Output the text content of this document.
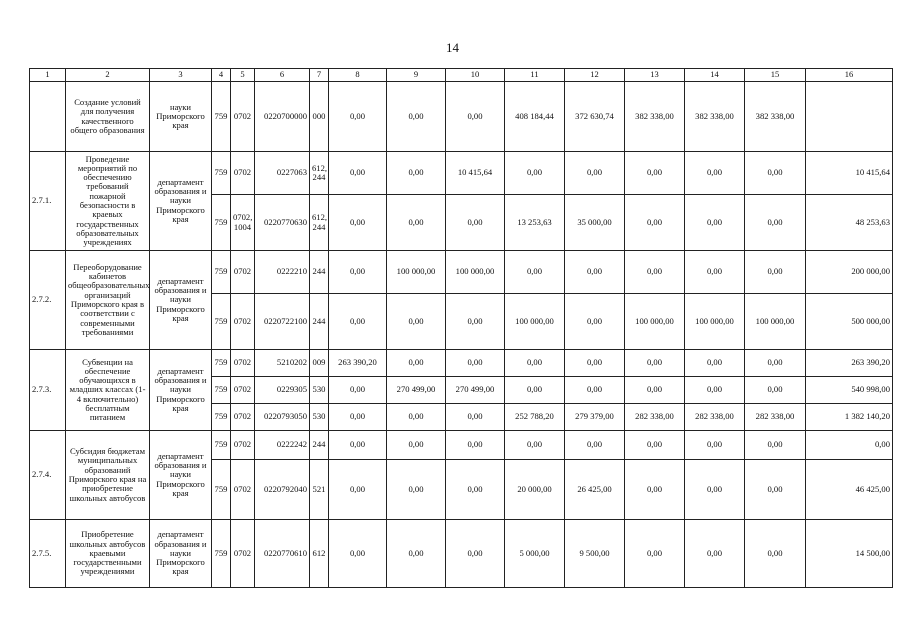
14
1	2	3	4	5	6	7	8	9	10	11	12	13	14	15	16
	Создание условий для получения качественного общего образования	науки Приморского края	759	0702	0220700000	000	0,00	0,00	0,00	408 184,44	372 630,74	382 338,00	382 338,00	382 338,00	
2.7.1.	Проведение мероприятий по обеспечению требований пожарной безопасности в краевых государственных образовательных учреждениях	департамент образования и науки Приморского края	759	0702	0227063	612, 244	0,00	0,00	10 415,64	0,00	0,00	0,00	0,00	0,00	10 415,64
			759	0702, 1004	0220770630	612, 244	0,00	0,00	0,00	13 253,63	35 000,00	0,00	0,00	0,00	48 253,63
2.7.2.	Переоборудование кабинетов общеобразовательных организаций Приморского края в соответствии с современными требованиями	департамент образования и науки Приморского края	759	0702	0222210	244	0,00	100 000,00	100 000,00	0,00	0,00	0,00	0,00	0,00	200 000,00
			759	0702	0220722100	244	0,00	0,00	0,00	100 000,00	0,00	100 000,00	100 000,00	100 000,00	500 000,00
2.7.3.	Субвенции на обеспечение обучающихся в младших классах (1-4 включительно) бесплатным питанием	департамент образования и науки Приморского края	759	0702	5210202	009	263 390,20	0,00	0,00	0,00	0,00	0,00	0,00	0,00	263 390,20
			759	0702	0229305	530	0,00	270 499,00	270 499,00	0,00	0,00	0,00	0,00	0,00	540 998,00
			759	0702	0220793050	530	0,00	0,00	0,00	252 788,20	279 379,00	282 338,00	282 338,00	282 338,00	1 382 140,20
2.7.4.	Субсидия бюджетам муниципальных образований Приморского края на приобретение школьных автобусов	департамент образования и науки Приморского края	759	0702	0222242	244	0,00	0,00	0,00	0,00	0,00	0,00	0,00	0,00	0,00
			759	0702	0220792040	521	0,00	0,00	0,00	20 000,00	26 425,00	0,00	0,00	0,00	46 425,00
2.7.5.	Приобретение школьных автобусов краевыми государственными учреждениями	департамент образования и науки Приморского края	759	0702	0220770610	612	0,00	0,00	0,00	5 000,00	9 500,00	0,00	0,00	0,00	14 500,00
